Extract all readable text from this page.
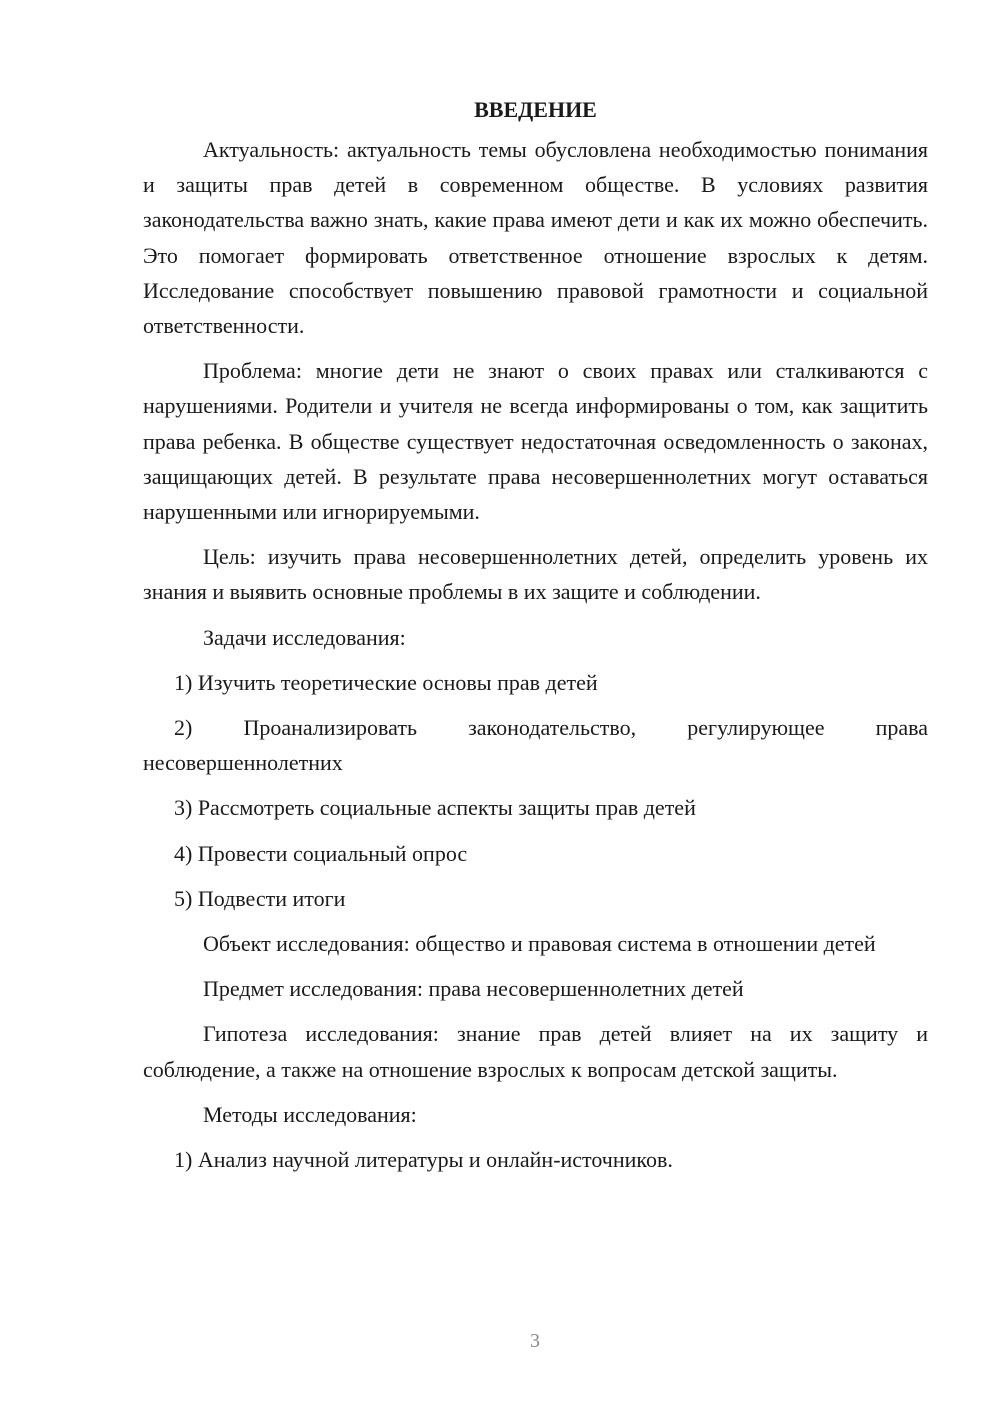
ВВЕДЕНИЕ

Актуальность: актуальность темы обусловлена необходимостью понимания и защиты прав детей в современном обществе. В условиях развития законодательства важно знать, какие права имеют дети и как их можно обеспечить. Это помогает формировать ответственное отношение взрослых к детям. Исследование способствует повышению правовой грамотности и социальной ответственности.

Проблема: многие дети не знают о своих правах или сталкиваются с нарушениями. Родители и учителя не всегда информированы о том, как защитить права ребенка. В обществе существует недостаточная осведомленность о законах, защищающих детей. В результате права несовершеннолетних могут оставаться нарушенными или игнорируемыми.

Цель: изучить права несовершеннолетних детей, определить уровень их знания и выявить основные проблемы в их защите и соблюдении.

Задачи исследования:

1) Изучить теоретические основы прав детей

2) Проанализировать законодательство, регулирующее права несовершеннолетних

3) Рассмотреть социальные аспекты защиты прав детей

4) Провести социальный опрос

5) Подвести итоги

Объект исследования: общество и правовая система в отношении детей

Предмет исследования: права несовершеннолетних детей

Гипотеза исследования: знание прав детей влияет на их защиту и соблюдение, а также на отношение взрослых к вопросам детской защиты.

Методы исследования:

1) Анализ научной литературы и онлайн-источников.

3
